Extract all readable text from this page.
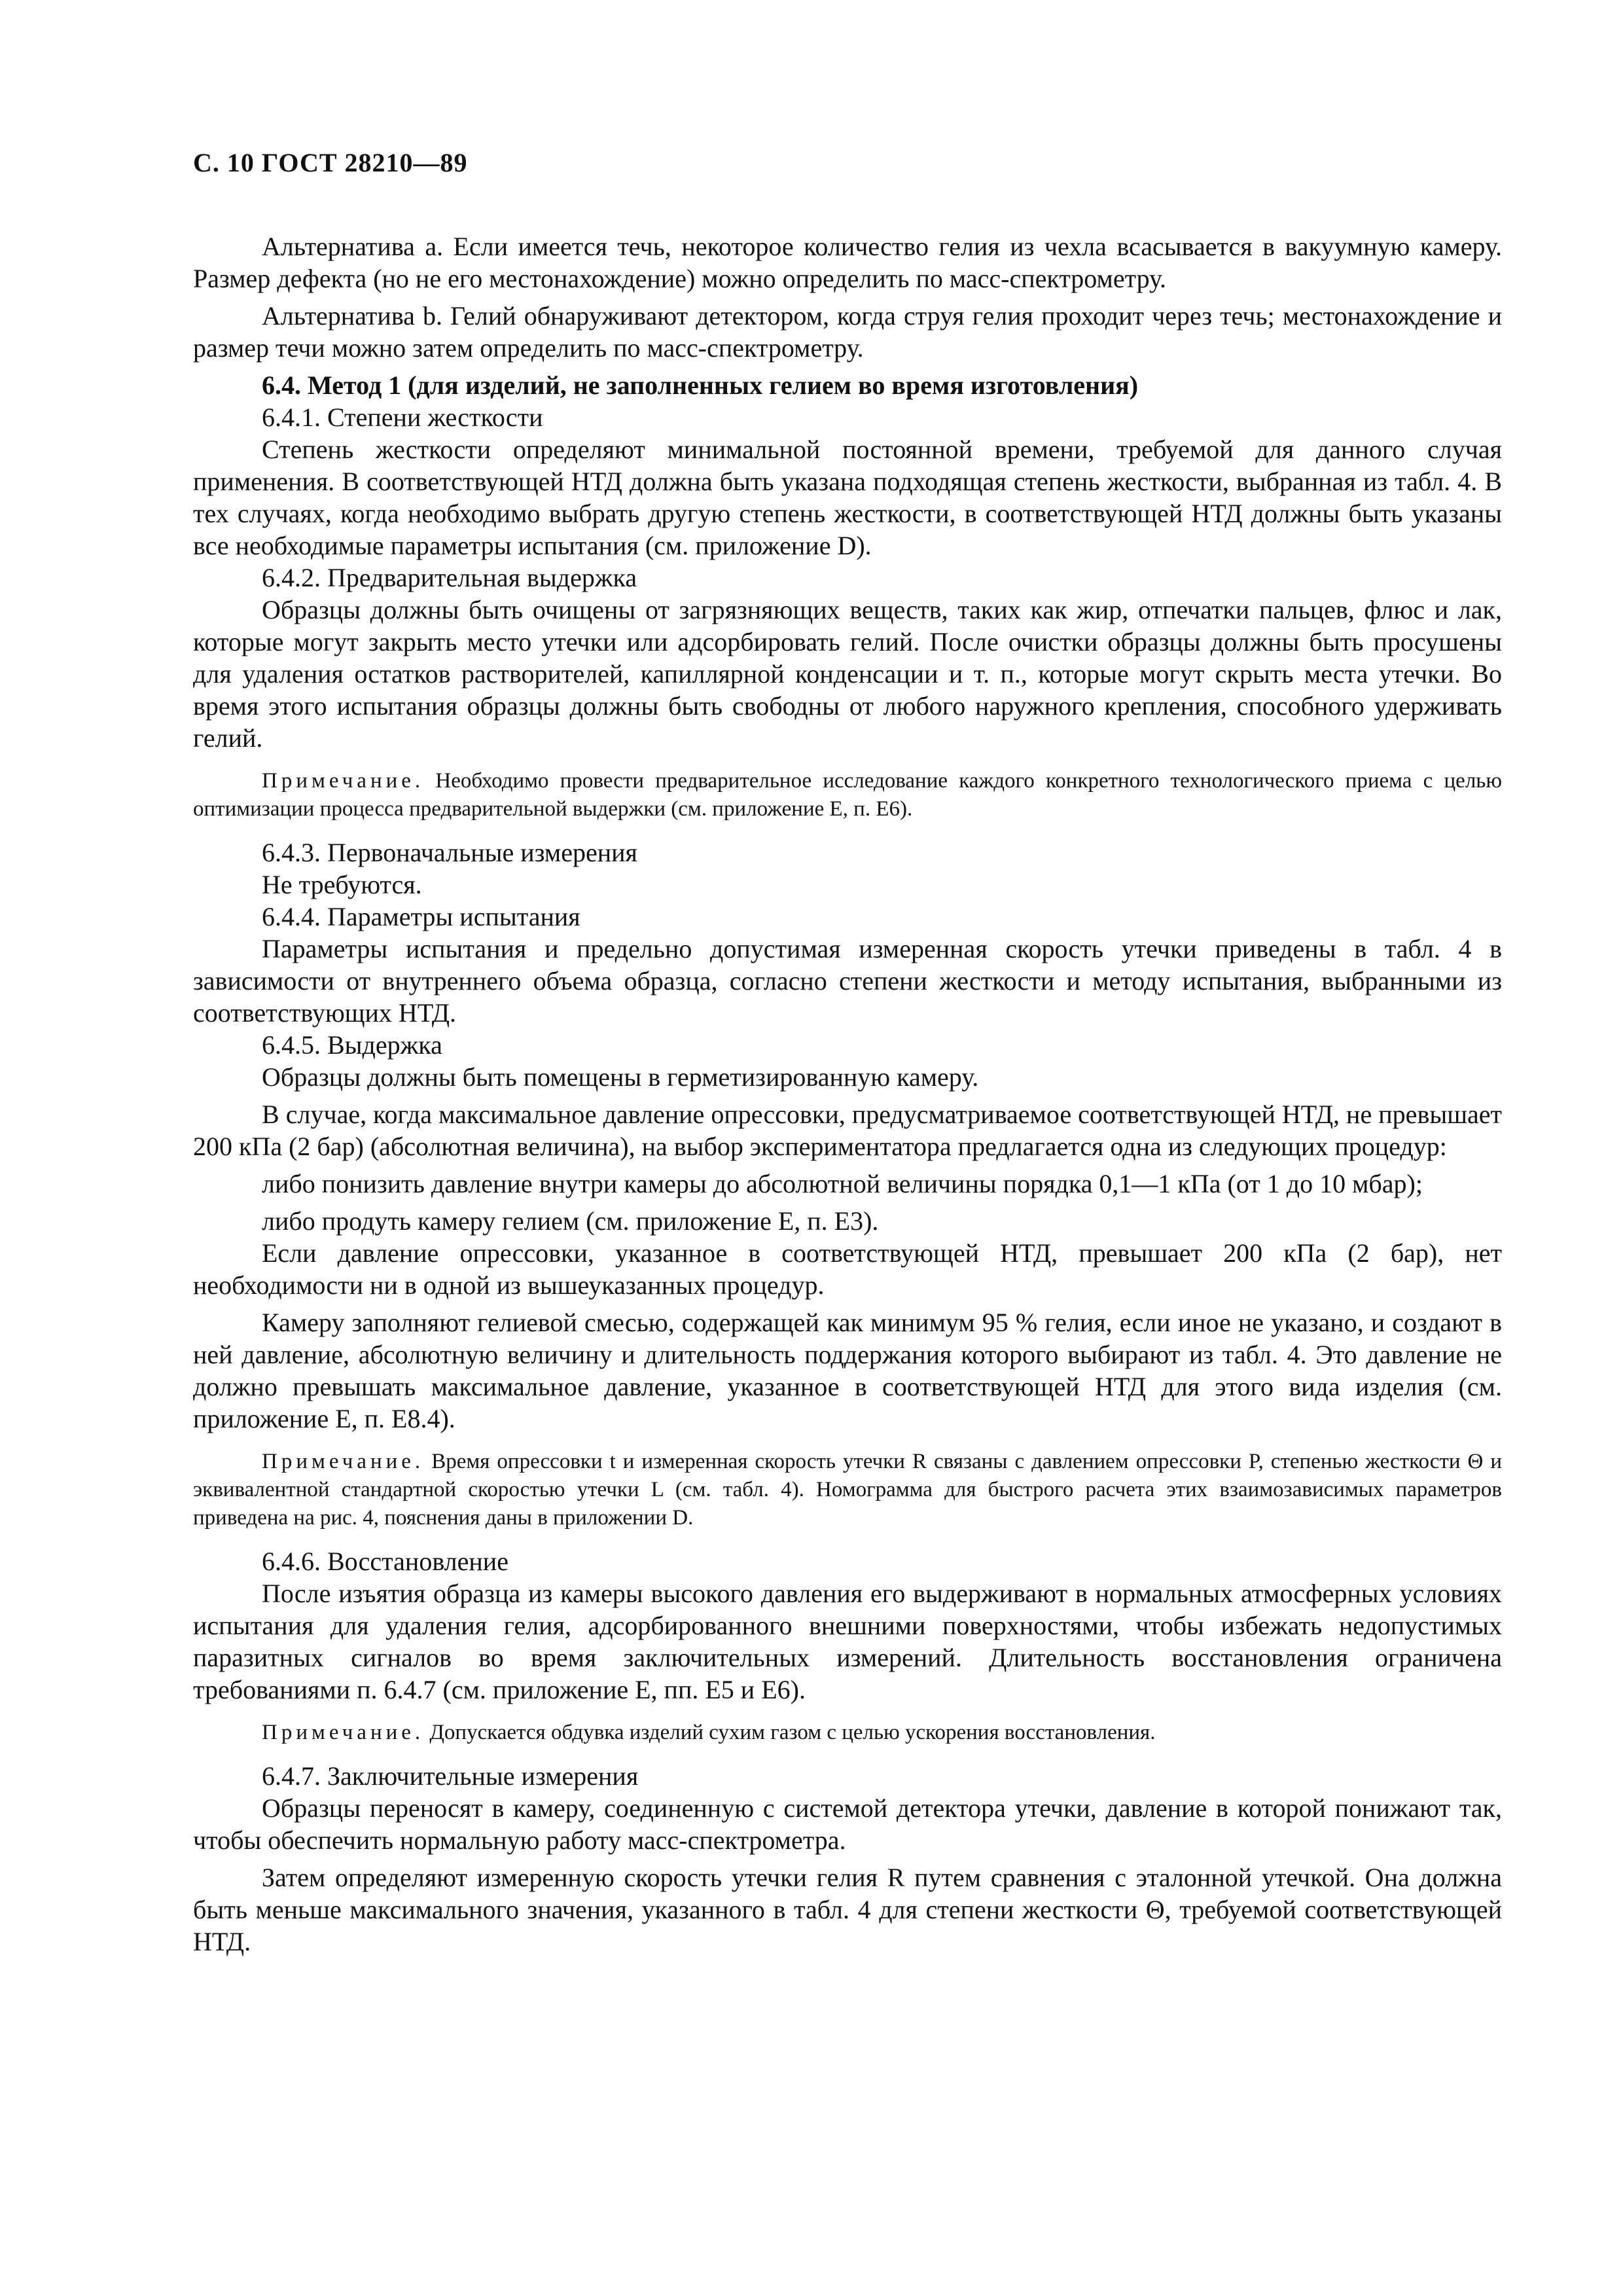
С. 10 ГОСТ 28210—89

Альтернатива a. Если имеется течь, некоторое количество гелия из чехла всасывается в вакуумную камеру. Размер дефекта (но не его местонахождение) можно определить по масс-спектрометру.

Альтернатива b. Гелий обнаруживают детектором, когда струя гелия проходит через течь; местонахождение и размер течи можно затем определить по масс-спектрометру.

6.4. Метод 1 (для изделий, не заполненных гелием во время изготовления)

6.4.1. Степени жесткости

Степень жесткости определяют минимальной постоянной времени, требуемой для данного случая применения. В соответствующей НТД должна быть указана подходящая степень жесткости, выбранная из табл. 4. В тех случаях, когда необходимо выбрать другую степень жесткости, в соответствующей НТД должны быть указаны все необходимые параметры испытания (см. приложение D).

6.4.2. Предварительная выдержка

Образцы должны быть очищены от загрязняющих веществ, таких как жир, отпечатки пальцев, флюс и лак, которые могут закрыть место утечки или адсорбировать гелий. После очистки образцы должны быть просушены для удаления остатков растворителей, капиллярной конденсации и т. п., которые могут скрыть места утечки. Во время этого испытания образцы должны быть свободны от любого наружного крепления, способного удерживать гелий.

Примечание. Необходимо провести предварительное исследование каждого конкретного технологического приема с целью оптимизации процесса предварительной выдержки (см. приложение Е, п. Е6).

6.4.3. Первоначальные измерения

Не требуются.

6.4.4. Параметры испытания

Параметры испытания и предельно допустимая измеренная скорость утечки приведены в табл. 4 в зависимости от внутреннего объема образца, согласно степени жесткости и методу испытания, выбранными из соответствующих НТД.

6.4.5. Выдержка

Образцы должны быть помещены в герметизированную камеру.

В случае, когда максимальное давление опрессовки, предусматриваемое соответствующей НТД, не превышает 200 кПа (2 бар) (абсолютная величина), на выбор экспериментатора предлагается одна из следующих процедур:

либо понизить давление внутри камеры до абсолютной величины порядка 0,1—1 кПа (от 1 до 10 мбар);

либо продуть камеру гелием (см. приложение Е, п. Е3).

Если давление опрессовки, указанное в соответствующей НТД, превышает 200 кПа (2 бар), нет необходимости ни в одной из вышеуказанных процедур.

Камеру заполняют гелиевой смесью, содержащей как минимум 95 % гелия, если иное не указано, и создают в ней давление, абсолютную величину и длительность поддержания которого выбирают из табл. 4. Это давление не должно превышать максимальное давление, указанное в соответствующей НТД для этого вида изделия (см. приложение Е, п. Е8.4).

Примечание. Время опрессовки t и измеренная скорость утечки R связаны с давлением опрессовки P, степенью жесткости Θ и эквивалентной стандартной скоростью утечки L (см. табл. 4). Номограмма для быстрого расчета этих взаимозависимых параметров приведена на рис. 4, пояснения даны в приложении D.

6.4.6. Восстановление

После изъятия образца из камеры высокого давления его выдерживают в нормальных атмосферных условиях испытания для удаления гелия, адсорбированного внешними поверхностями, чтобы избежать недопустимых паразитных сигналов во время заключительных измерений. Длительность восстановления ограничена требованиями п. 6.4.7 (см. приложение Е, пп. Е5 и Е6).

Примечание. Допускается обдувка изделий сухим газом с целью ускорения восстановления.

6.4.7. Заключительные измерения

Образцы переносят в камеру, соединенную с системой детектора утечки, давление в которой понижают так, чтобы обеспечить нормальную работу масс-спектрометра.

Затем определяют измеренную скорость утечки гелия R путем сравнения с эталонной утечкой. Она должна быть меньше максимального значения, указанного в табл. 4 для степени жесткости Θ, требуемой соответствующей НТД.
